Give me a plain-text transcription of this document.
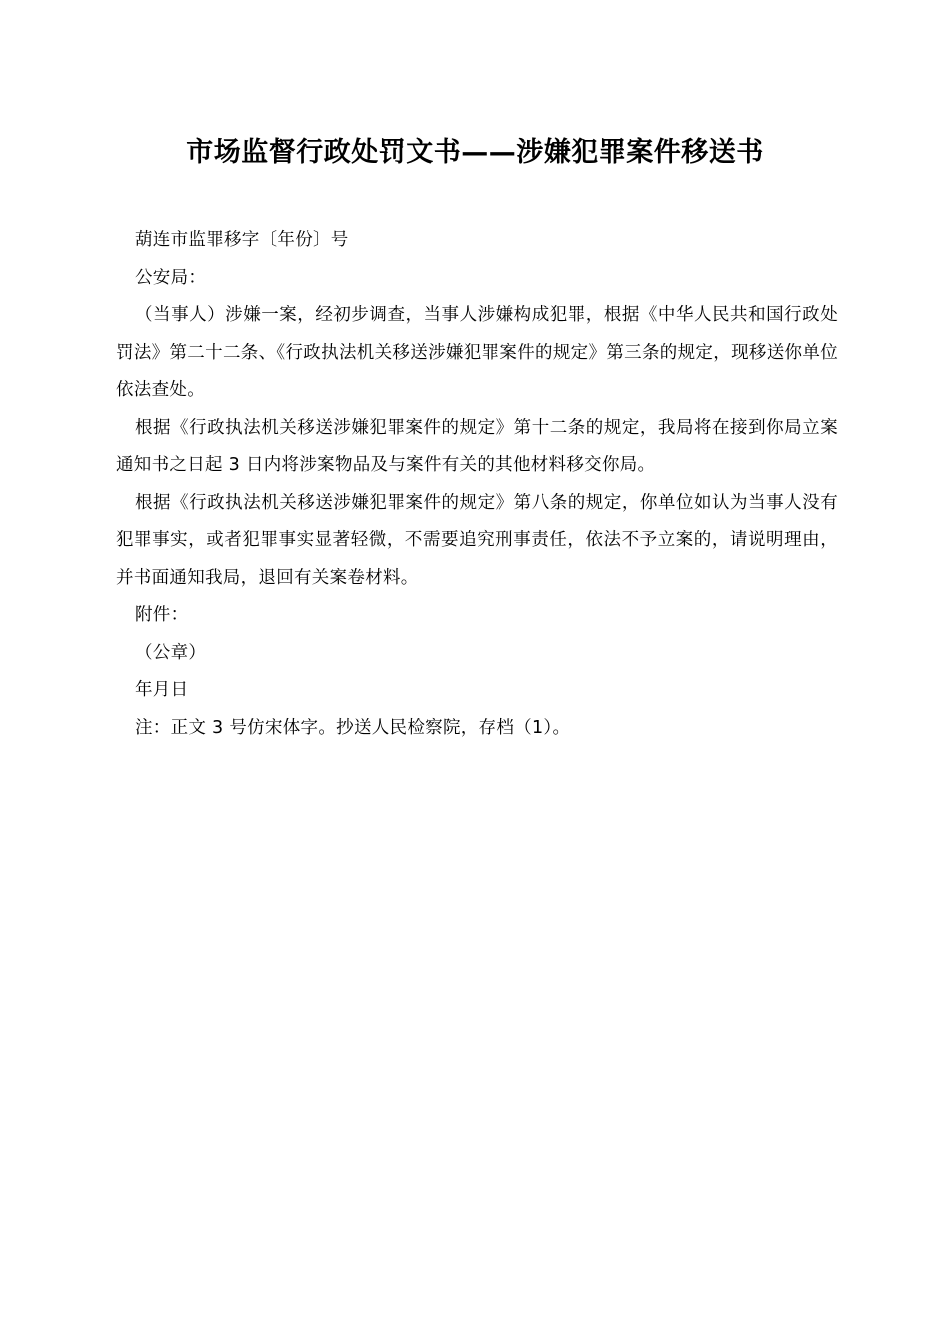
市场监督行政处罚文书——涉嫌犯罪案件移送书

葫连市监罪移字〔年份〕号

公安局：

（当事人）涉嫌一案，经初步调查，当事人涉嫌构成犯罪，根据《中华人民共和国行政处罚法》第二十二条、《行政执法机关移送涉嫌犯罪案件的规定》第三条的规定，现移送你单位依法查处。

根据《行政执法机关移送涉嫌犯罪案件的规定》第十二条的规定，我局将在接到你局立案通知书之日起 3 日内将涉案物品及与案件有关的其他材料移交你局。

根据《行政执法机关移送涉嫌犯罪案件的规定》第八条的规定，你单位如认为当事人没有犯罪事实，或者犯罪事实显著轻微，不需要追究刑事责任，依法不予立案的，请说明理由，并书面通知我局，退回有关案卷材料。

附件：

（公章）

年月日

注：正文 3 号仿宋体字。抄送人民检察院，存档（1）。
